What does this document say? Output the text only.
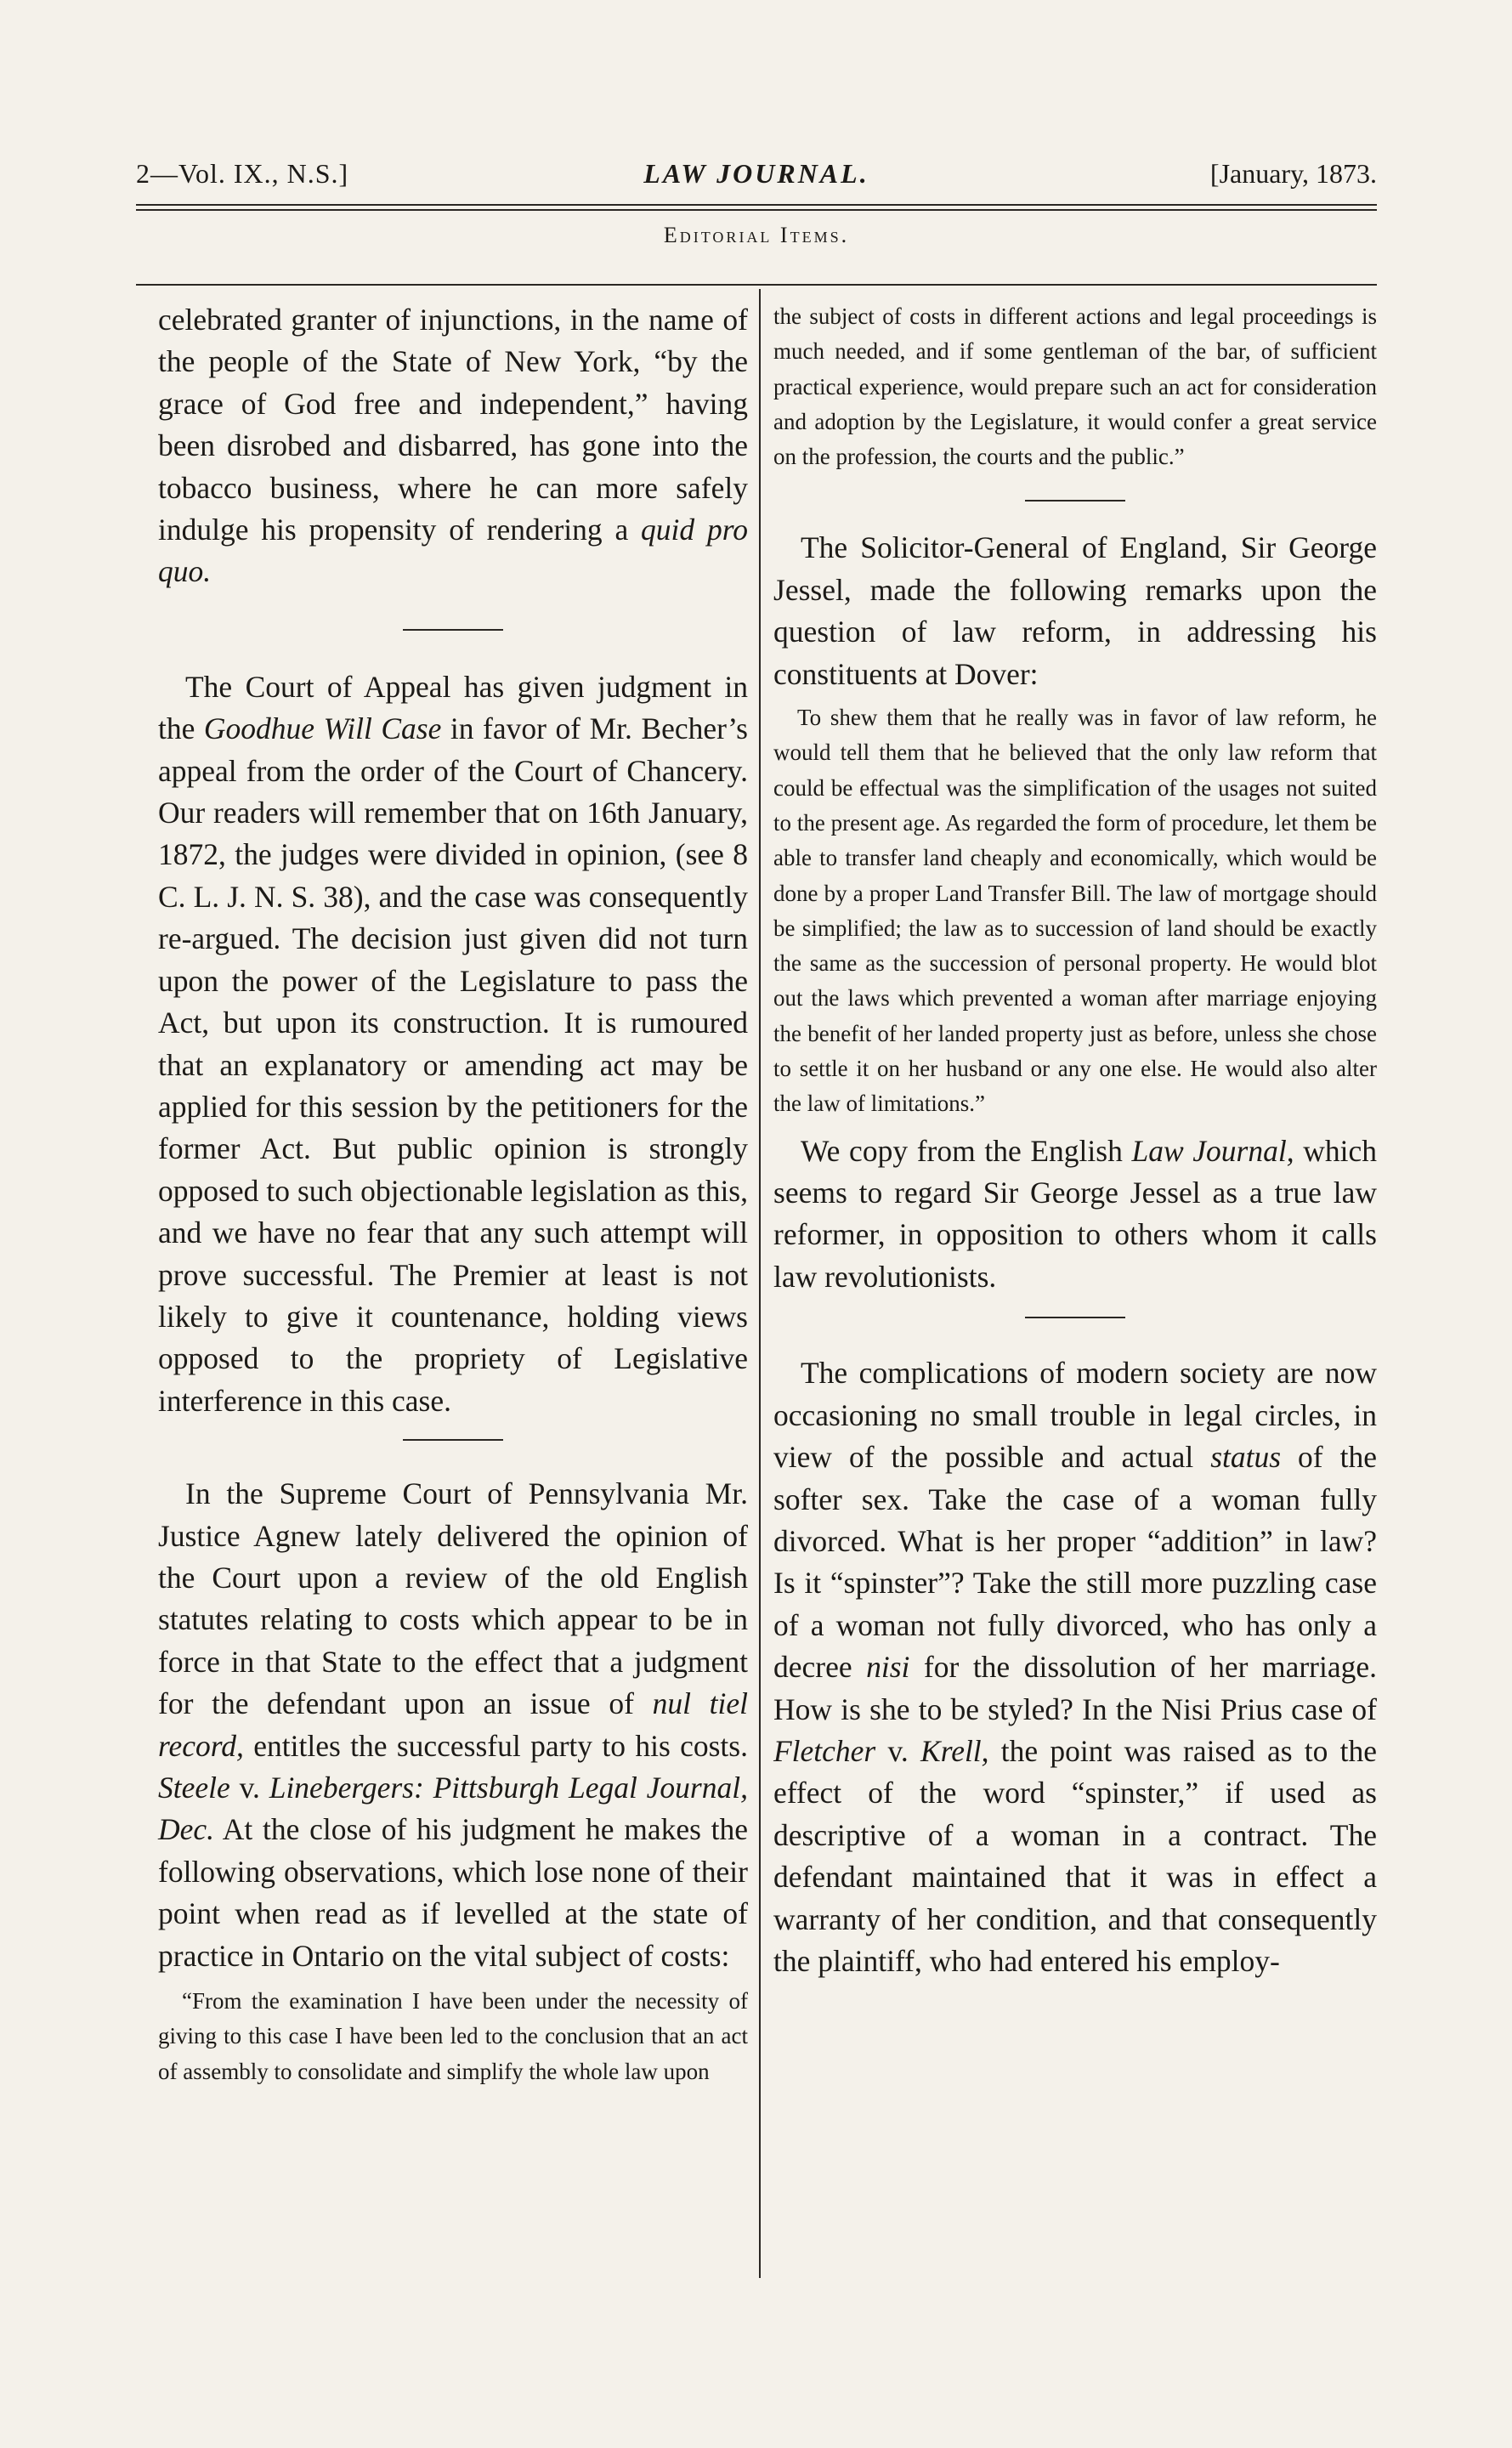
2—Vol. IX., N.S.]	LAW JOURNAL.	[January, 1873.
Editorial Items.

celebrated granter of injunctions, in the name of the people of the State of New York, “by the grace of God free and independent,” having been disrobed and disbarred, has gone into the tobacco business, where he can more safely indulge his propensity of rendering a quid pro quo.

The Court of Appeal has given judgment in the Goodhue Will Case in favor of Mr. Becher’s appeal from the order of the Court of Chancery. Our readers will remember that on 16th January, 1872, the judges were divided in opinion, (see 8 C. L. J. N. S. 38), and the case was consequently re-argued. The decision just given did not turn upon the power of the Legislature to pass the Act, but upon its construction. It is rumoured that an explanatory or amending act may be applied for this session by the petitioners for the former Act. But public opinion is strongly opposed to such objectionable legislation as this, and we have no fear that any such attempt will prove successful. The Premier at least is not likely to give it countenance, holding views opposed to the propriety of Legislative interference in this case.

In the Supreme Court of Pennsylvania Mr. Justice Agnew lately delivered the opinion of the Court upon a review of the old English statutes relating to costs which appear to be in force in that State to the effect that a judgment for the defendant upon an issue of nul tiel record, entitles the successful party to his costs. Steele v. Linebergers: Pittsburgh Legal Journal, Dec. At the close of his judgment he makes the following observations, which lose none of their point when read as if levelled at the state of practice in Ontario on the vital subject of costs:

“From the examination I have been under the necessity of giving to this case I have been led to the conclusion that an act of assembly to consolidate and simplify the whole law upon

the subject of costs in different actions and legal proceedings is much needed, and if some gentleman of the bar, of sufficient practical experience, would prepare such an act for consideration and adoption by the Legislature, it would confer a great service on the profession, the courts and the public.”

The Solicitor-General of England, Sir George Jessel, made the following remarks upon the question of law reform, in addressing his constituents at Dover:

To shew them that he really was in favor of law reform, he would tell them that he believed that the only law reform that could be effectual was the simplification of the usages not suited to the present age. As regarded the form of procedure, let them be able to transfer land cheaply and economically, which would be done by a proper Land Transfer Bill. The law of mortgage should be simplified; the law as to succession of land should be exactly the same as the succession of personal property. He would blot out the laws which prevented a woman after marriage enjoying the benefit of her landed property just as before, unless she chose to settle it on her husband or any one else. He would also alter the law of limitations.”

We copy from the English Law Journal, which seems to regard Sir George Jessel as a true law reformer, in opposition to others whom it calls law revolutionists.

The complications of modern society are now occasioning no small trouble in legal circles, in view of the possible and actual status of the softer sex. Take the case of a woman fully divorced. What is her proper “addition” in law? Is it “spinster”? Take the still more puzzling case of a woman not fully divorced, who has only a decree nisi for the dissolution of her marriage. How is she to be styled? In the Nisi Prius case of Fletcher v. Krell, the point was raised as to the effect of the word “spinster,” if used as descriptive of a woman in a contract. The defendant maintained that it was in effect a warranty of her condition, and that consequently the plaintiff, who had entered his employ-
